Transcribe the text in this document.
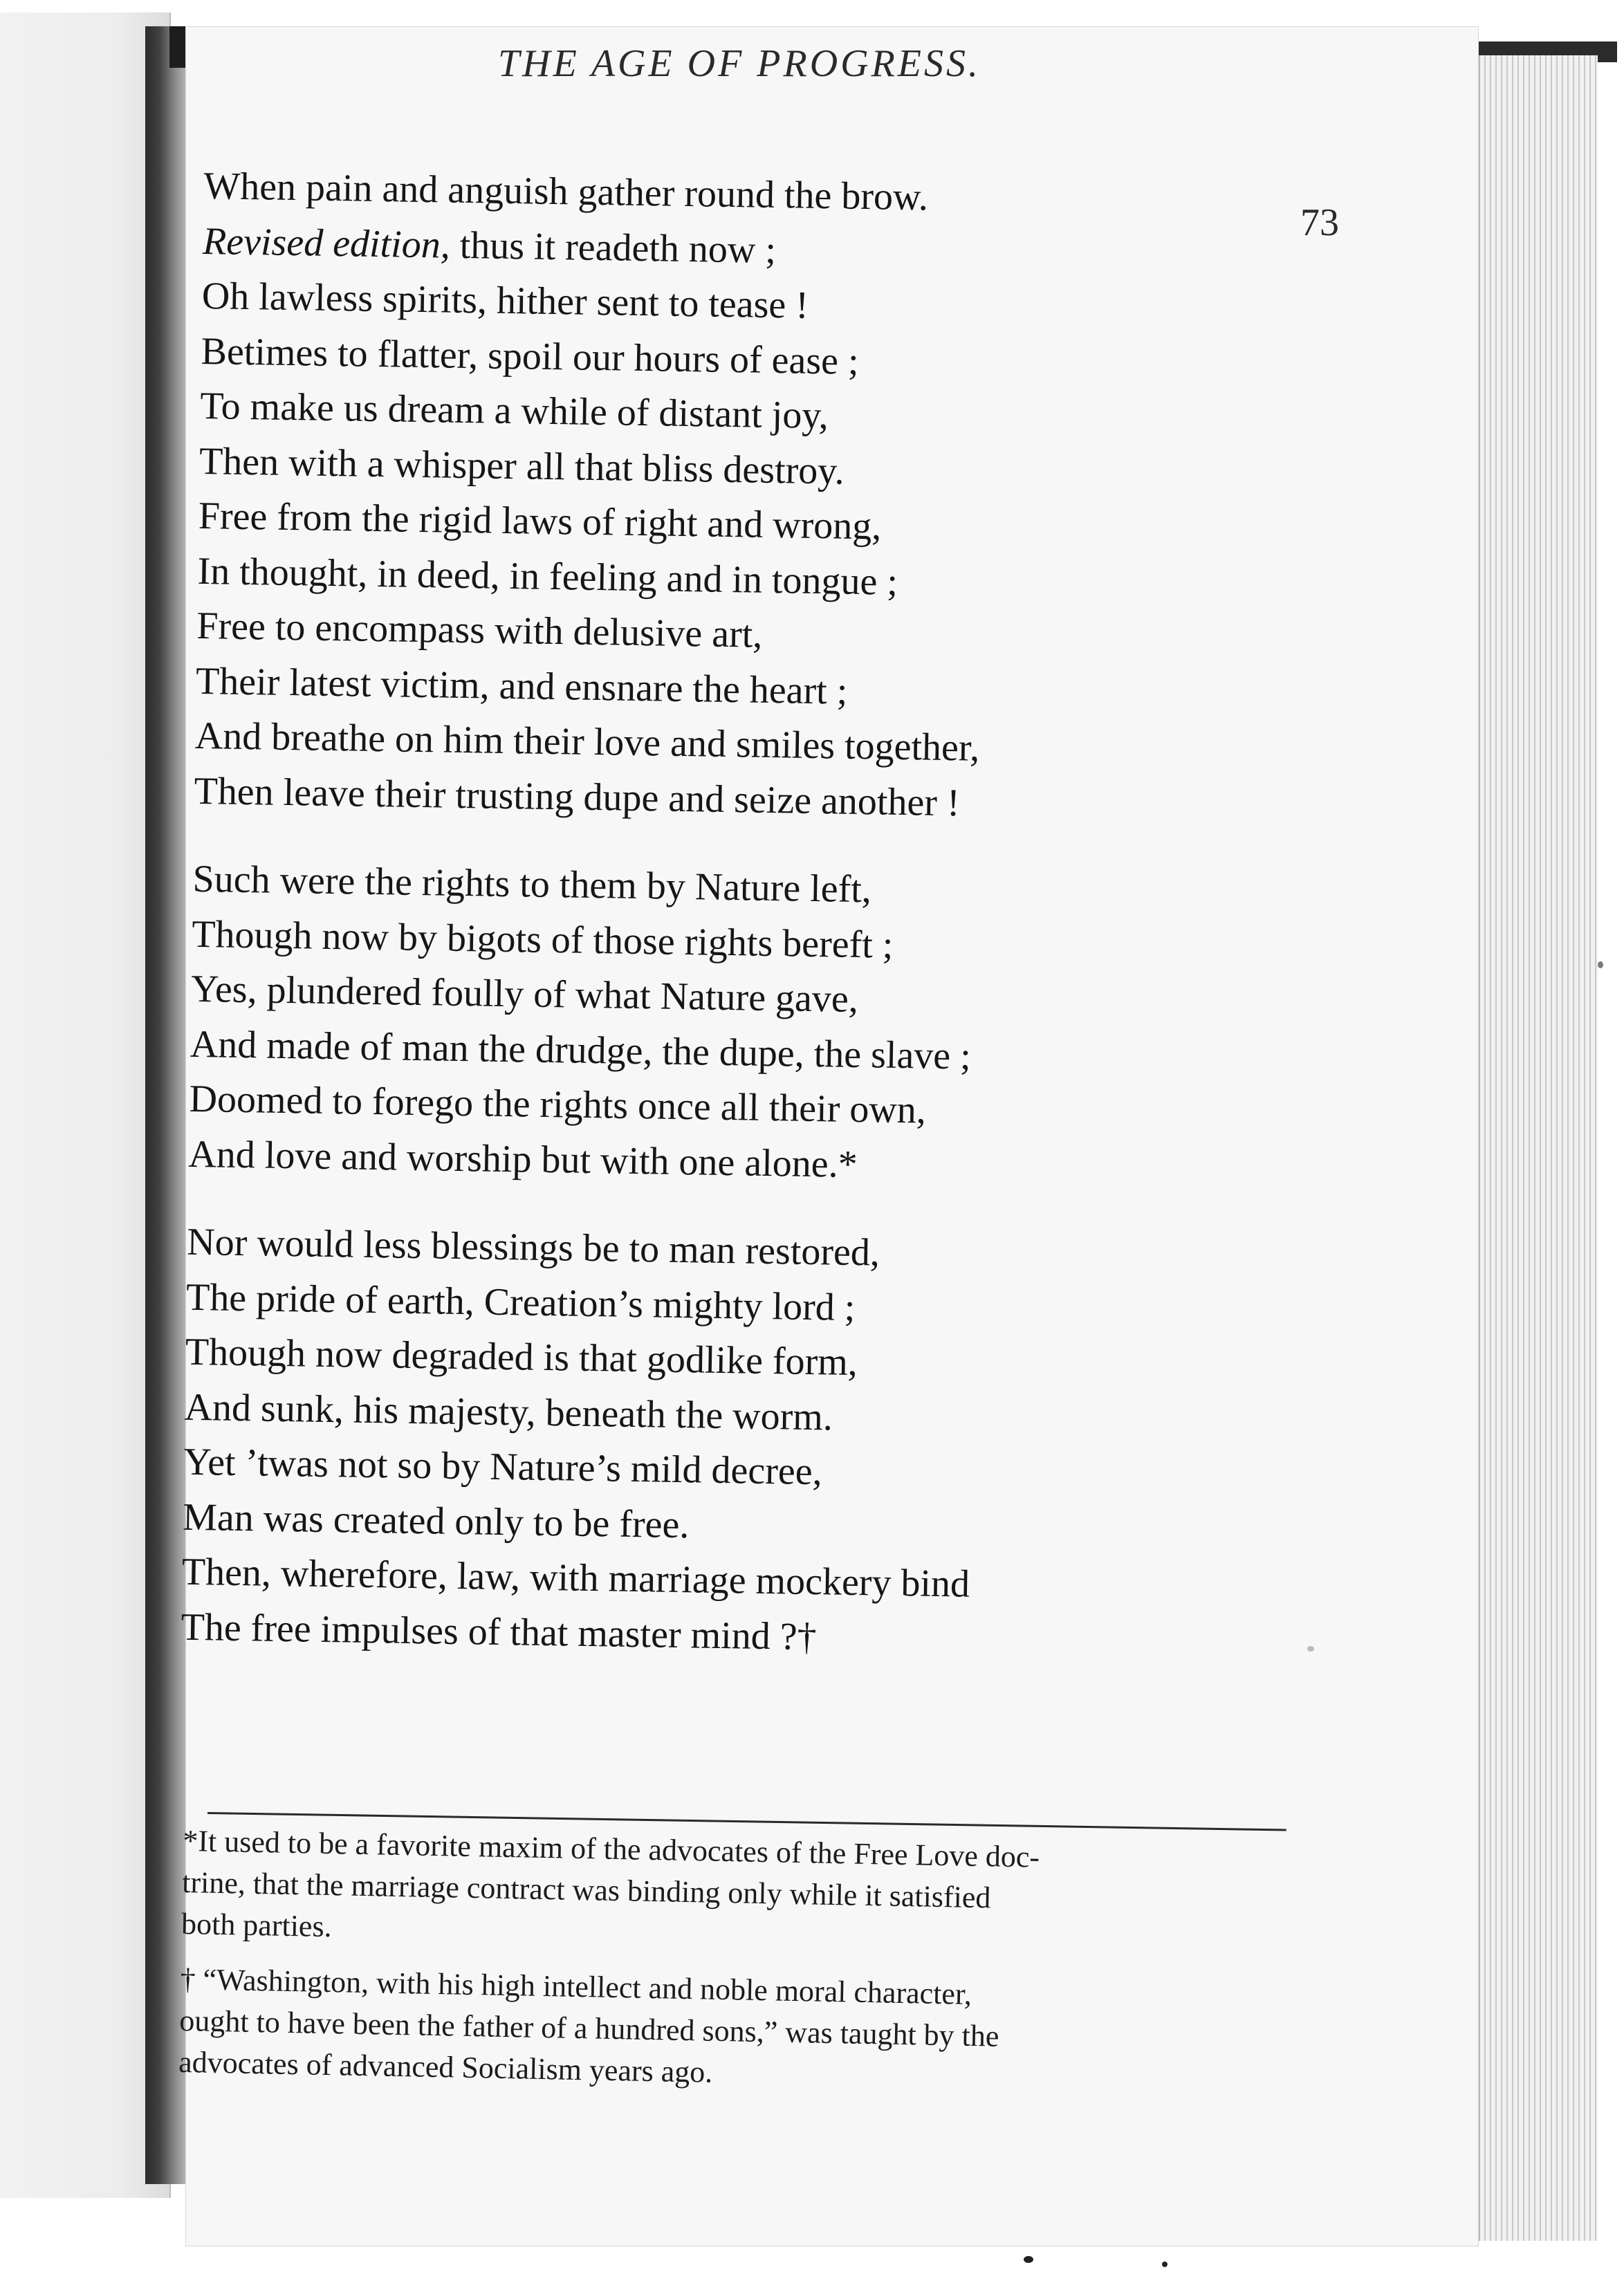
THE AGE OF PROGRESS.
73
When pain and anguish gather round the brow.
Revised edition, thus it readeth now ;
Oh lawless spirits, hither sent to tease !
Betimes to flatter, spoil our hours of ease ;
To make us dream a while of distant joy,
Then with a whisper all that bliss destroy.
Free from the rigid laws of right and wrong,
In thought, in deed, in feeling and in tongue ;
Free to encompass with delusive art,
Their latest victim, and ensnare the heart ;
And breathe on him their love and smiles together,
Then leave their trusting dupe and seize another !
Such were the rights to them by Nature left,
Though now by bigots of those rights bereft ;
Yes, plundered foully of what Nature gave,
And made of man the drudge, the dupe, the slave ;
Doomed to forego the rights once all their own,
And love and worship but with one alone.*
Nor would less blessings be to man restored,
The pride of earth, Creation’s mighty lord ;
Though now degraded is that godlike form,
And sunk, his majesty, beneath the worm.
Yet ’twas not so by Nature’s mild decree,
Man was created only to be free.
Then, wherefore, law, with marriage mockery bind
The free impulses of that master mind ?†
*It used to be a favorite maxim of the advocates of the Free Love doc-
trine, that the marriage contract was binding only while it satisfied
both parties.
† “Washington, with his high intellect and noble moral character,
ought to have been the father of a hundred sons,” was taught by the
advocates of advanced Socialism years ago.
